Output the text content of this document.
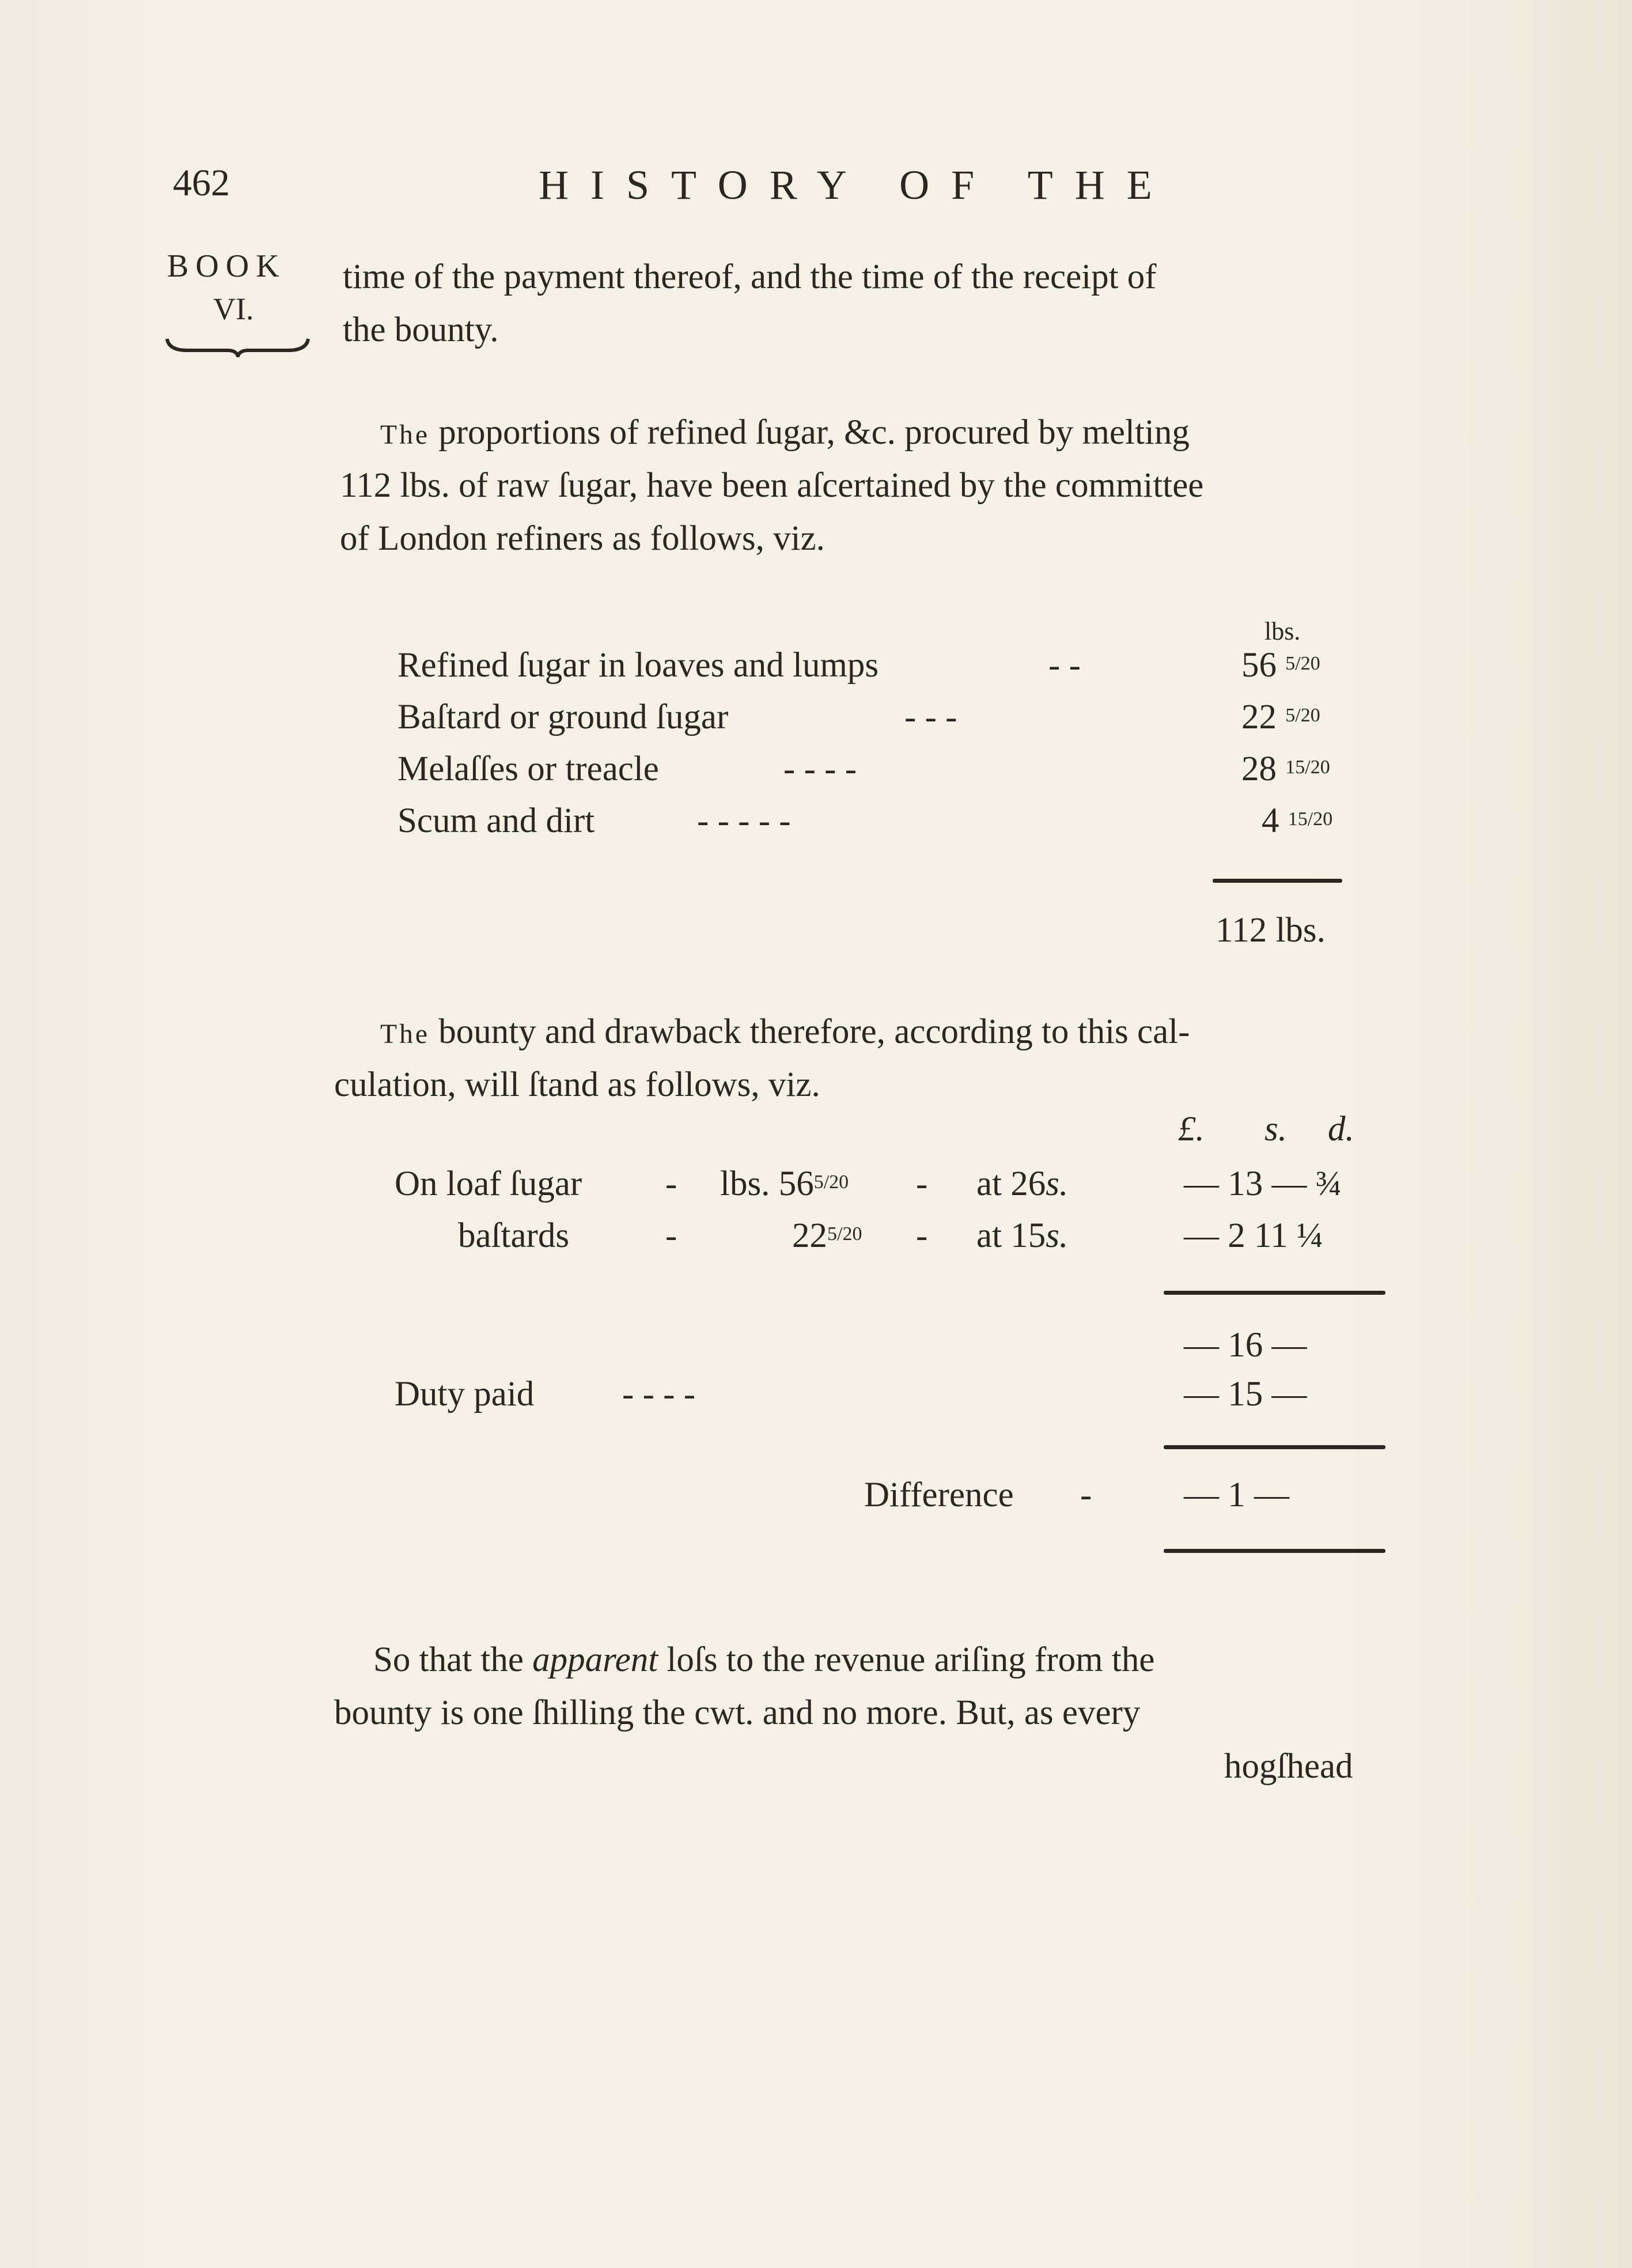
462	HISTORY OF THE
BOOK
VI.
time of the payment thereof, and the time of the receipt of
the bounty.
The proportions of refined ſugar, &c. procured by melting
112 lbs. of raw ſugar, have been aſcertained by the committee
of London refiners as follows, viz.
lbs.
Refined ſugar in loaves and lumps	- -	56 5/20
Baſtard or ground ſugar	- - -	22 5/20
Melaſſes or treacle	- - - -	28 15/20
Scum and dirt	- - - - -	4 15/20
112 lbs.
The bounty and drawback therefore, according to this cal-
culation, will ſtand as follows, viz.
£. s. d.
On loaf ſugar - lbs. 565/20 - at 26s.	— 13 — ¾
baſtards	-	225/20 - at 15s.	— 2 11 ¼
— 16 —
Duty paid	- - - -	— 15 —
Difference -	— 1 —
So that the apparent loſs to the revenue ariſing from the
bounty is one ſhilling the cwt. and no more. But, as every
hogſhead
